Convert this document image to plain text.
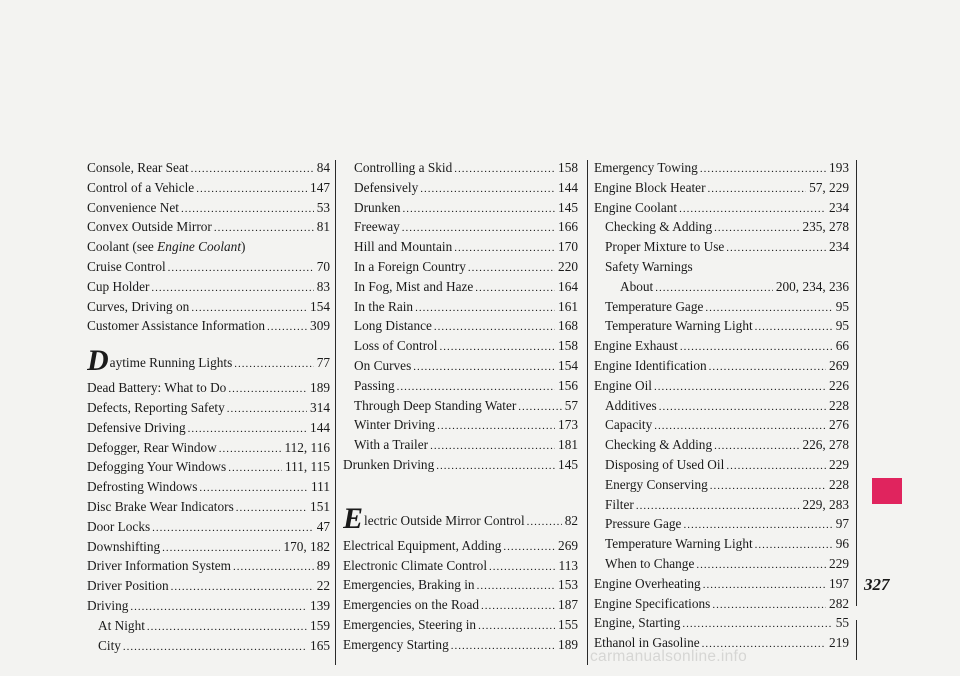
Console, Rear Seat .....	84
Control of a Vehicle .....	147
Convenience Net .....	53
Convex Outside Mirror .....	81
Coolant (see Engine Coolant)
Cruise Control .....	70
Cup Holder .....	83
Curves, Driving on .....	154
Customer Assistance Information .....	309
Daytime Running Lights .....	77
Dead Battery: What to Do .....	189
Defects, Reporting Safety .....	314
Defensive Driving .....	144
Defogger, Rear Window .....	112, 116
Defogging Your Windows .....	111, 115
Defrosting Windows .....	111
Disc Brake Wear Indicators .....	151
Door Locks .....	47
Downshifting .....	170, 182
Driver Information System .....	89
Driver Position .....	22
Driving .....	139
At Night .....	159
City .....	165
Controlling a Skid .....	158
Defensively .....	144
Drunken .....	145
Freeway .....	166
Hill and Mountain .....	170
In a Foreign Country .....	220
In Fog, Mist and Haze .....	164
In the Rain .....	161
Long Distance .....	168
Loss of Control .....	158
On Curves .....	154
Passing .....	156
Through Deep Standing Water .....	57
Winter Driving .....	173
With a Trailer .....	181
Drunken Driving .....	145
Electric Outside Mirror Control .....	82
Electrical Equipment, Adding .....	269
Electronic Climate Control .....	113
Emergencies, Braking in .....	153
Emergencies on the Road .....	187
Emergencies, Steering in .....	155
Emergency Starting .....	189
Emergency Towing .....	193
Engine Block Heater .....	57, 229
Engine Coolant .....	234
Checking & Adding .....	235, 278
Proper Mixture to Use .....	234
Safety Warnings
About .....	200, 234, 236
Temperature Gage .....	95
Temperature Warning Light .....	95
Engine Exhaust .....	66
Engine Identification .....	269
Engine Oil .....	226
Additives .....	228
Capacity .....	276
Checking & Adding .....	226, 278
Disposing of Used Oil .....	229
Energy Conserving .....	228
Filter .....	229, 283
Pressure Gage .....	97
Temperature Warning Light .....	96
When to Change .....	229
Engine Overheating .....	197
Engine Specifications .....	282
Engine, Starting .....	55
Ethanol in Gasoline .....	219
327
carmanualsonline.info
